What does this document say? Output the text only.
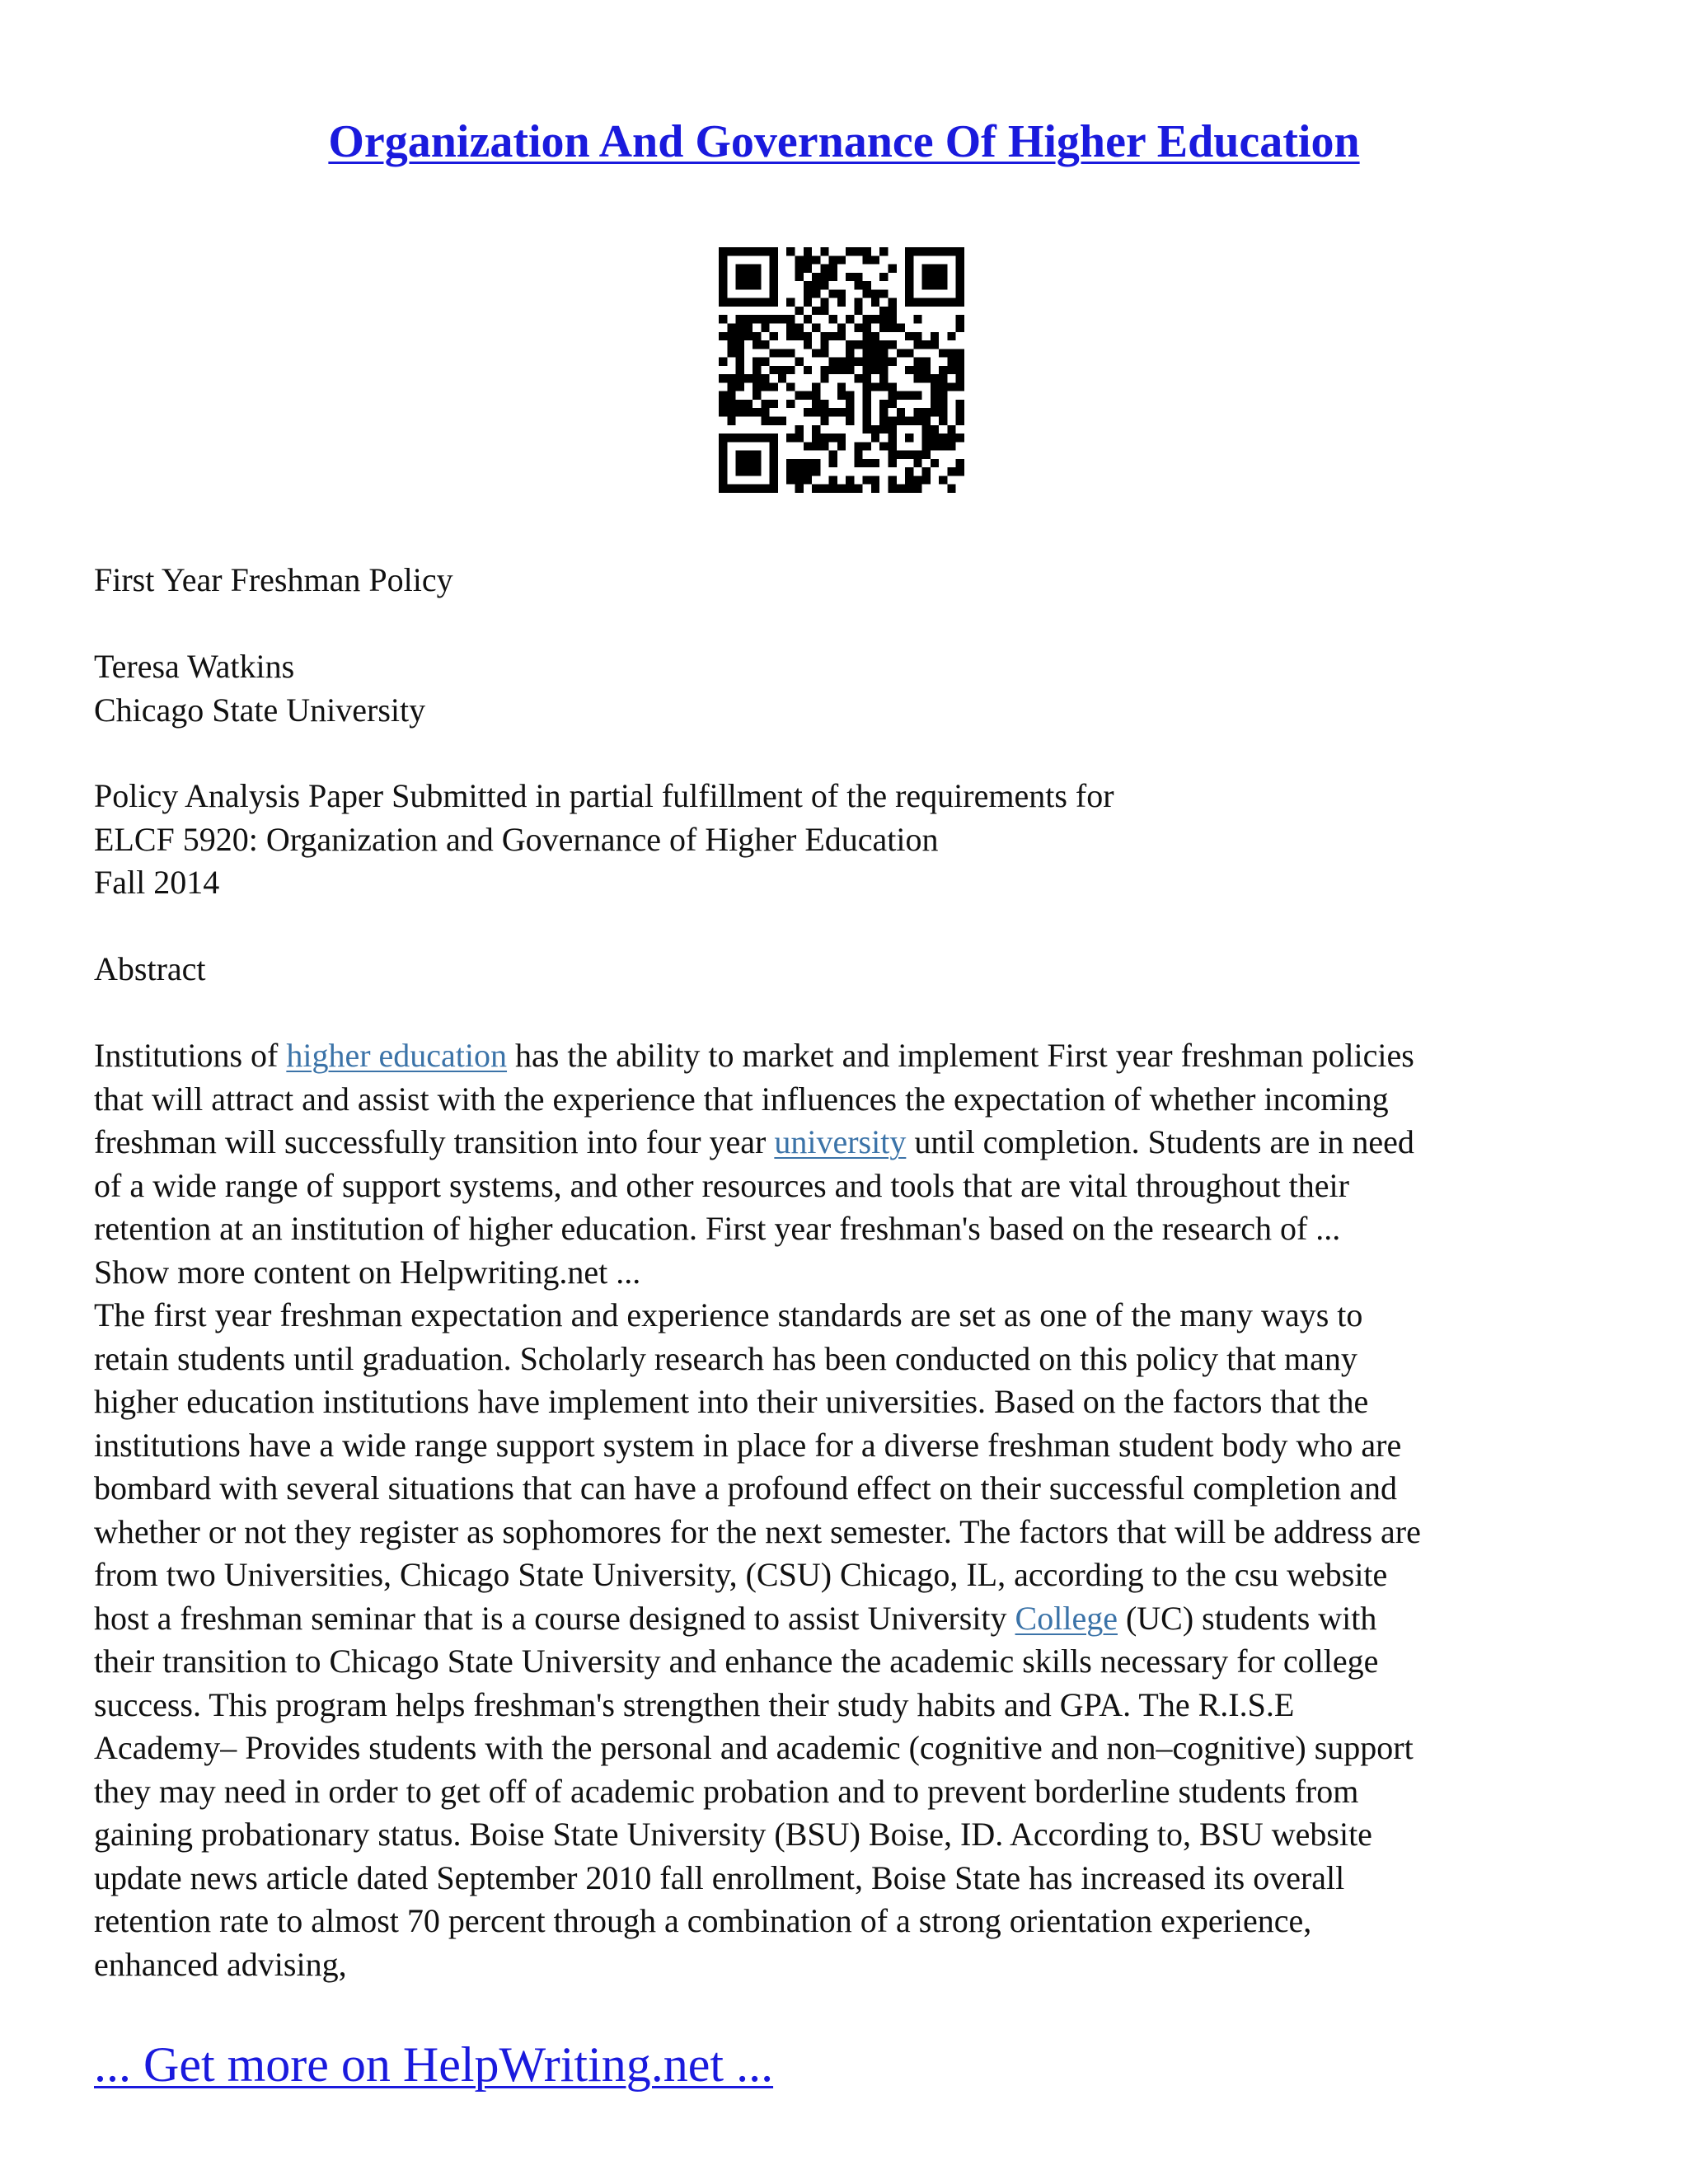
Organization And Governance Of Higher Education
First Year Freshman Policy
Teresa Watkins
Chicago State University
Policy Analysis Paper Submitted in partial fulfillment of the requirements for
ELCF 5920: Organization and Governance of Higher Education
Fall 2014
Abstract
Institutions of higher education has the ability to market and implement First year freshman policies
that will attract and assist with the experience that influences the expectation of whether incoming
freshman will successfully transition into four year university until completion. Students are in need
of a wide range of support systems, and other resources and tools that are vital throughout their
retention at an institution of higher education. First year freshman's based on the research of ...
Show more content on Helpwriting.net ...
The first year freshman expectation and experience standards are set as one of the many ways to
retain students until graduation. Scholarly research has been conducted on this policy that many
higher education institutions have implement into their universities. Based on the factors that the
institutions have a wide range support system in place for a diverse freshman student body who are
bombard with several situations that can have a profound effect on their successful completion and
whether or not they register as sophomores for the next semester. The factors that will be address are
from two Universities, Chicago State University, (CSU) Chicago, IL, according to the csu website
host a freshman seminar that is a course designed to assist University College (UC) students with
their transition to Chicago State University and enhance the academic skills necessary for college
success. This program helps freshman's strengthen their study habits and GPA. The R.I.S.E
Academy– Provides students with the personal and academic (cognitive and non–cognitive) support
they may need in order to get off of academic probation and to prevent borderline students from
gaining probationary status. Boise State University (BSU) Boise, ID. According to, BSU website
update news article dated September 2010 fall enrollment, Boise State has increased its overall
retention rate to almost 70 percent through a combination of a strong orientation experience,
enhanced advising,
... Get more on HelpWriting.net ...
